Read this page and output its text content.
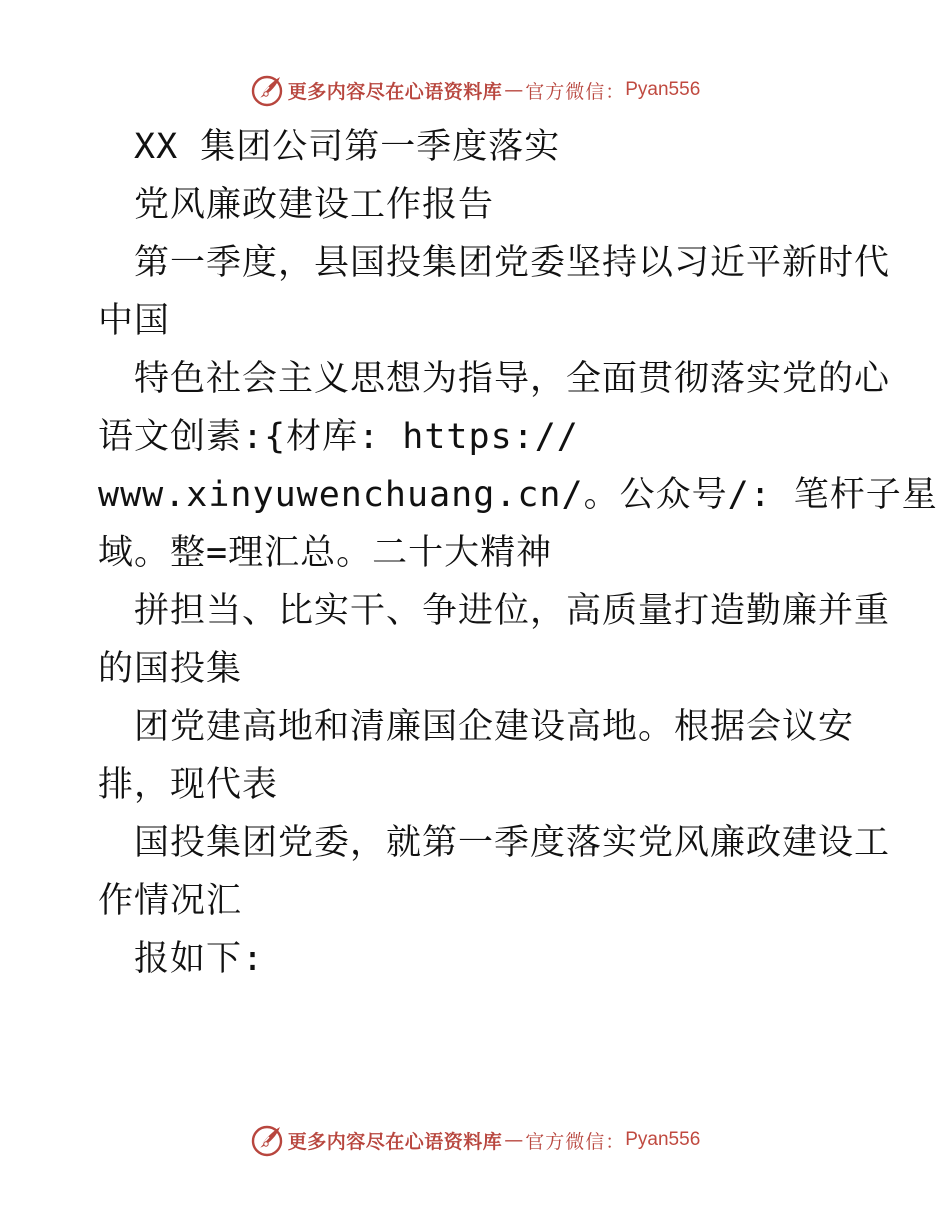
更多内容尽在心语资料库 — 官方微信： Pyan556
XX 集团公司第一季度落实
党风廉政建设工作报告
第一季度，县国投集团党委坚持以习近平新时代
中国
特色社会主义思想为指导，全面贯彻落实党的心
语文创素:{材库: https://
www.xinyuwenchuang.cn/。公众号/: 笔杆子星
域。整=理汇总。二十大精神
拼担当、比实干、争进位，高质量打造勤廉并重
的国投集
团党建高地和清廉国企建设高地。根据会议安
排，现代表
国投集团党委，就第一季度落实党风廉政建设工
作情况汇
报如下:
更多内容尽在心语资料库 — 官方微信： Pyan556
